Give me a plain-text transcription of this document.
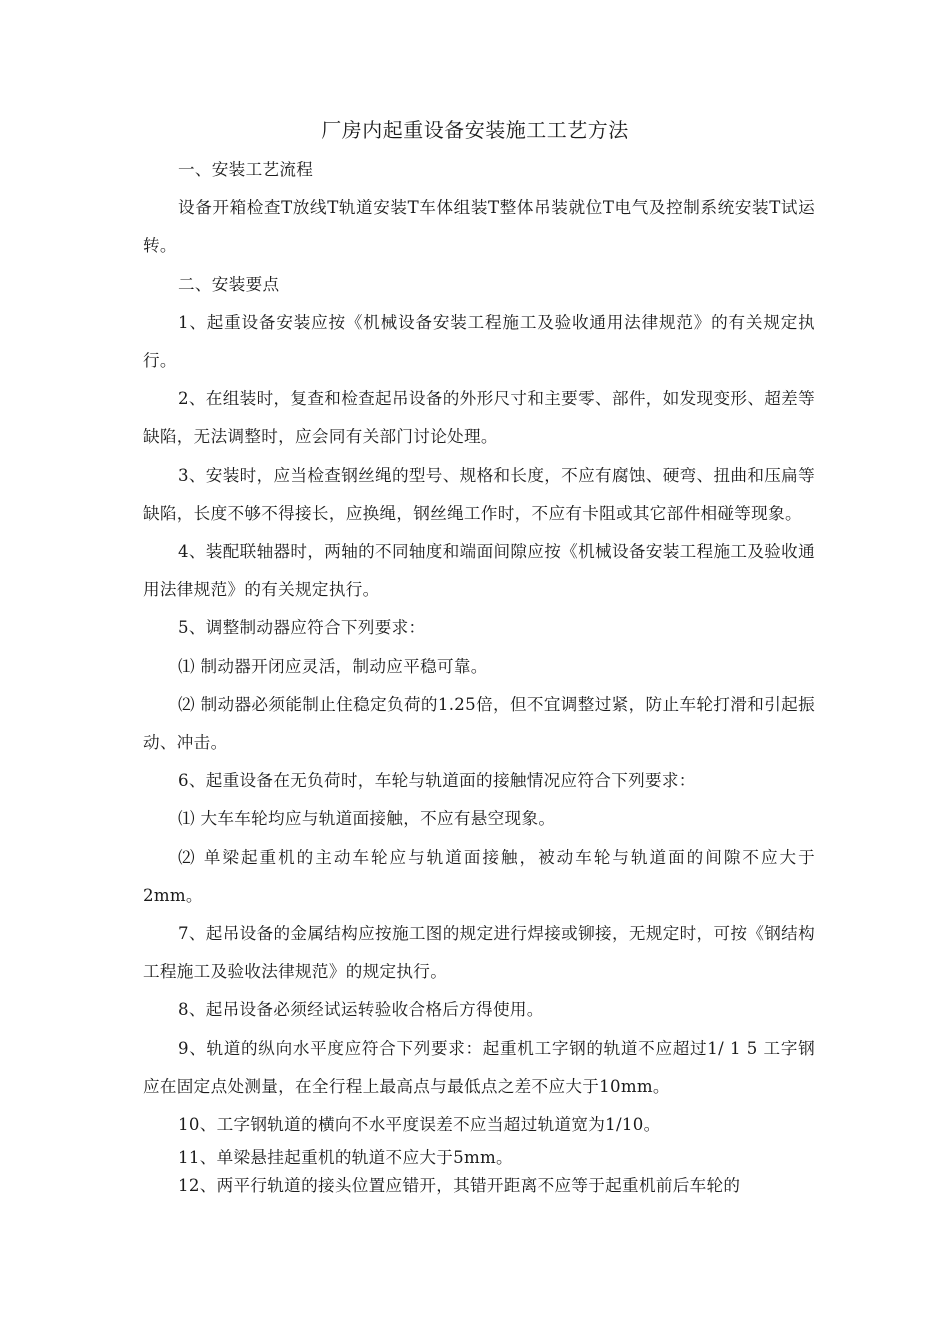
厂房内起重设备安装施工工艺方法

一、安装工艺流程

设备开箱检查T放线T轨道安装T车体组装T整体吊装就位T电气及控制系统安装T试运转。

二、安装要点

1、起重设备安装应按《机械设备安装工程施工及验收通用法律规范》的有关规定执行。

2、在组装时，复查和检查起吊设备的外形尺寸和主要零、部件，如发现变形、超差等缺陷，无法调整时，应会同有关部门讨论处理。

3、安装时，应当检查钢丝绳的型号、规格和长度，不应有腐蚀、硬弯、扭曲和压扁等缺陷，长度不够不得接长，应换绳，钢丝绳工作时，不应有卡阻或其它部件相碰等现象。

4、装配联轴器时，两轴的不同轴度和端面间隙应按《机械设备安装工程施工及验收通用法律规范》的有关规定执行。

5、调整制动器应符合下列要求：

⑴ 制动器开闭应灵活，制动应平稳可靠。

⑵ 制动器必须能制止住稳定负荷的1.25倍，但不宜调整过紧，防止车轮打滑和引起振动、冲击。

6、起重设备在无负荷时，车轮与轨道面的接触情况应符合下列要求：

⑴ 大车车轮均应与轨道面接触，不应有悬空现象。

⑵ 单梁起重机的主动车轮应与轨道面接触，被动车轮与轨道面的间隙不应大于2mm。

7、起吊设备的金属结构应按施工图的规定进行焊接或铆接，无规定时，可按《钢结构工程施工及验收法律规范》的规定执行。

8、起吊设备必须经试运转验收合格后方得使用。

9、轨道的纵向水平度应符合下列要求：起重机工字钢的轨道不应超过1/ 1 5 工字钢应在固定点处测量，在全行程上最高点与最低点之差不应大于10mm。

10、工字钢轨道的横向不水平度误差不应当超过轨道宽为1/10。

11、单梁悬挂起重机的轨道不应大于5mm。

12、两平行轨道的接头位置应错开，其错开距离不应等于起重机前后车轮的
